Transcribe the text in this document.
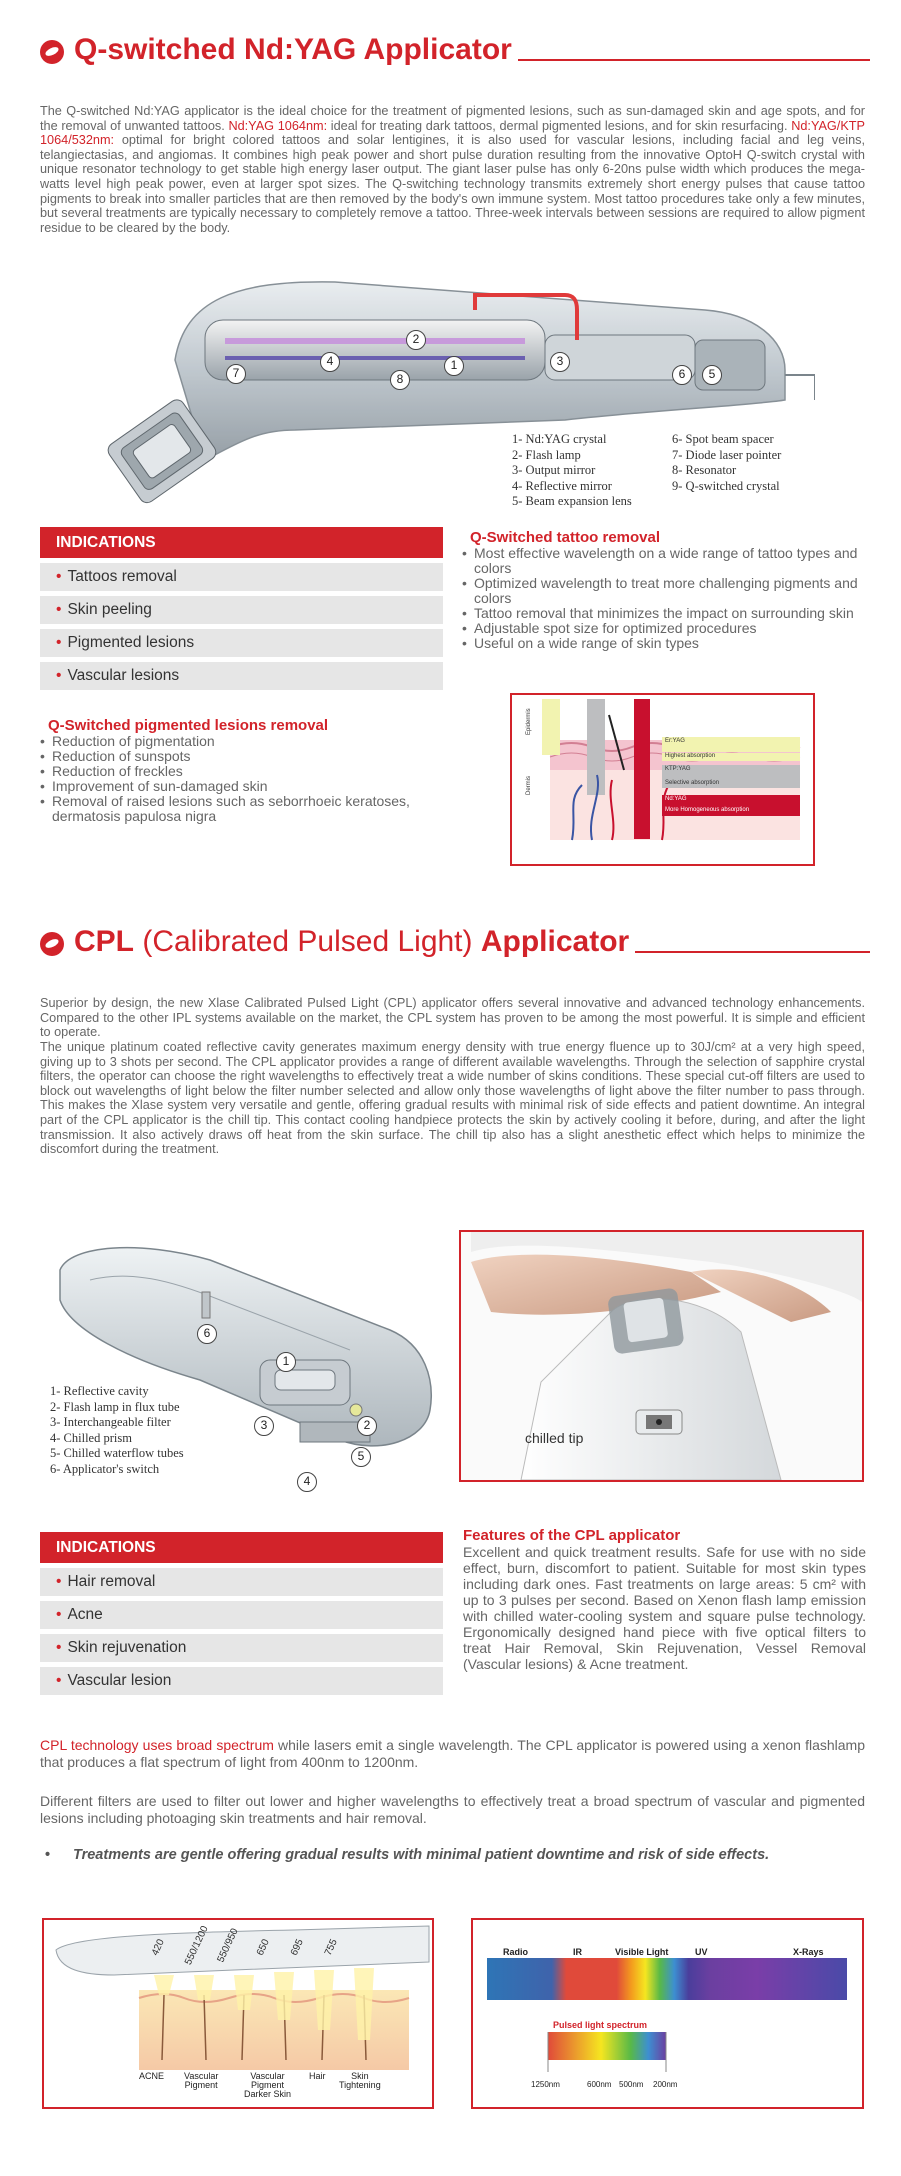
Q-switched Nd:YAG Applicator

The Q-switched Nd:YAG applicator is the ideal choice for the treatment of pigmented lesions, such as sun-damaged skin and age spots, and for the removal of unwanted tattoos. Nd:YAG 1064nm: ideal for treating dark tattoos, dermal pigmented lesions, and for skin resurfacing. Nd:YAG/KTP 1064/532nm: optimal for bright colored tattoos and solar lentigines, it is also used for vascular lesions, including facial and leg veins, telangiectasias, and angiomas. It combines high peak power and short pulse duration resulting from the innovative OptoH Q-switch crystal with unique resonator technology to get stable high energy laser output. The giant laser pulse has only 6-20ns pulse width which produces the mega-watts level high peak power, even at larger spot sizes. The Q-switching technology transmits extremely short energy pulses that cause tattoo pigments to break into smaller particles that are then removed by the body's own immune system. Most tattoo procedures take only a few minutes, but several treatments are typically necessary to completely remove a tattoo. Three-week intervals between sessions are required to allow pigment residue to be cleared by the body.

2
1	3
4
5
6
7	8
1- Nd:YAG crystal
2- Flash lamp
3- Output mirror
4- Reflective mirror
5- Beam expansion lens
6- Spot beam spacer
7- Diode laser pointer
8- Resonator
9- Q-switched crystal
INDICATIONS
• Tattoos removal
• Skin peeling
• Pigmented lesions
• Vascular lesions
Q-Switched tattoo removal
• Most effective wavelength on a wide range of tattoo types and colors
• Optimized wavelength to treat more challenging pigments and colors
• Tattoo removal that minimizes the impact on surrounding skin
• Adjustable spot size for optimized procedures
• Useful on a wide range of skin types
Q-Switched pigmented lesions removal
• Reduction of pigmentation
• Reduction of sunspots
• Reduction of freckles
• Improvement of sun-damaged skin
• Removal of raised lesions such as seborrhoeic keratoses, dermatosis papulosa nigra
Epidermis
Dermis
Er:YAG
Highest absorption
KTP:YAG
Selective absorption
Nd:YAG
More Homogeneous absorption
CPL (Calibrated Pulsed Light) Applicator

Superior by design, the new Xlase Calibrated Pulsed Light (CPL) applicator offers several innovative and advanced technology enhancements. Compared to the other IPL systems available on the market, the CPL system has proven to be among the most powerful. It is simple and efficient to operate.

The unique platinum coated reflective cavity generates maximum energy density with true energy fluence up to 30J/cm² at a very high speed, giving up to 3 shots per second. The CPL applicator provides a range of different available wavelengths. Through the selection of sapphire crystal filters, the operator can choose the right wavelengths to effectively treat a wide number of skins conditions. These special cut-off filters are used to block out wavelengths of light below the filter number selected and allow only those wavelengths of light above the filter number to pass through. This makes the Xlase system very versatile and gentle, offering gradual results with minimal risk of side effects and patient downtime. An integral part of the CPL applicator is the chill tip. This contact cooling handpiece protects the skin by actively cooling it before, during, and after the light transmission. It also actively draws off heat from the skin surface. The chill tip also has a slight anesthetic effect which helps to minimize the discomfort during the treatment.

6
1
3	2
5
4
1- Reflective cavity
2- Flash lamp in flux tube
3- Interchangeable filter
4- Chilled prism
5- Chilled waterflow tubes
6- Applicator's switch
chilled tip
INDICATIONS
• Hair removal
• Acne
• Skin rejuvenation
• Vascular lesion
Features of the CPL applicator

Excellent and quick treatment results. Safe for use with no side effect, burn, discomfort to patient. Suitable for most skin types including dark ones. Fast treatments on large areas: 5 cm² with up to 3 pulses per second. Based on Xenon flash lamp emission with chilled water-cooling system and square pulse technology. Ergonomically designed hand piece with five optical filters to treat Hair Removal, Skin Rejuvenation, Vessel Removal (Vascular lesions) & Acne treatment.

CPL technology uses broad spectrum while lasers emit a single wavelength. The CPL applicator is powered using a xenon flashlamp that produces a flat spectrum of light from 400nm to 1200nm.

Different filters are used to filter out lower and higher wavelengths to effectively treat a broad spectrum of vascular and pigmented lesions including photoaging skin treatments and hair removal.

• Treatments are gentle offering gradual results with minimal patient downtime and risk of side effects.

420 550/1200 550/950 650 695 755
ACNE Vascular
Pigment
Vascular
Pigment
Darker Skin
Hair	Skin
Tightening
Radio	IR	Visible Light	UV	X-Rays
Pulsed light spectrum
1250nm	600nm 500nm 200nm
